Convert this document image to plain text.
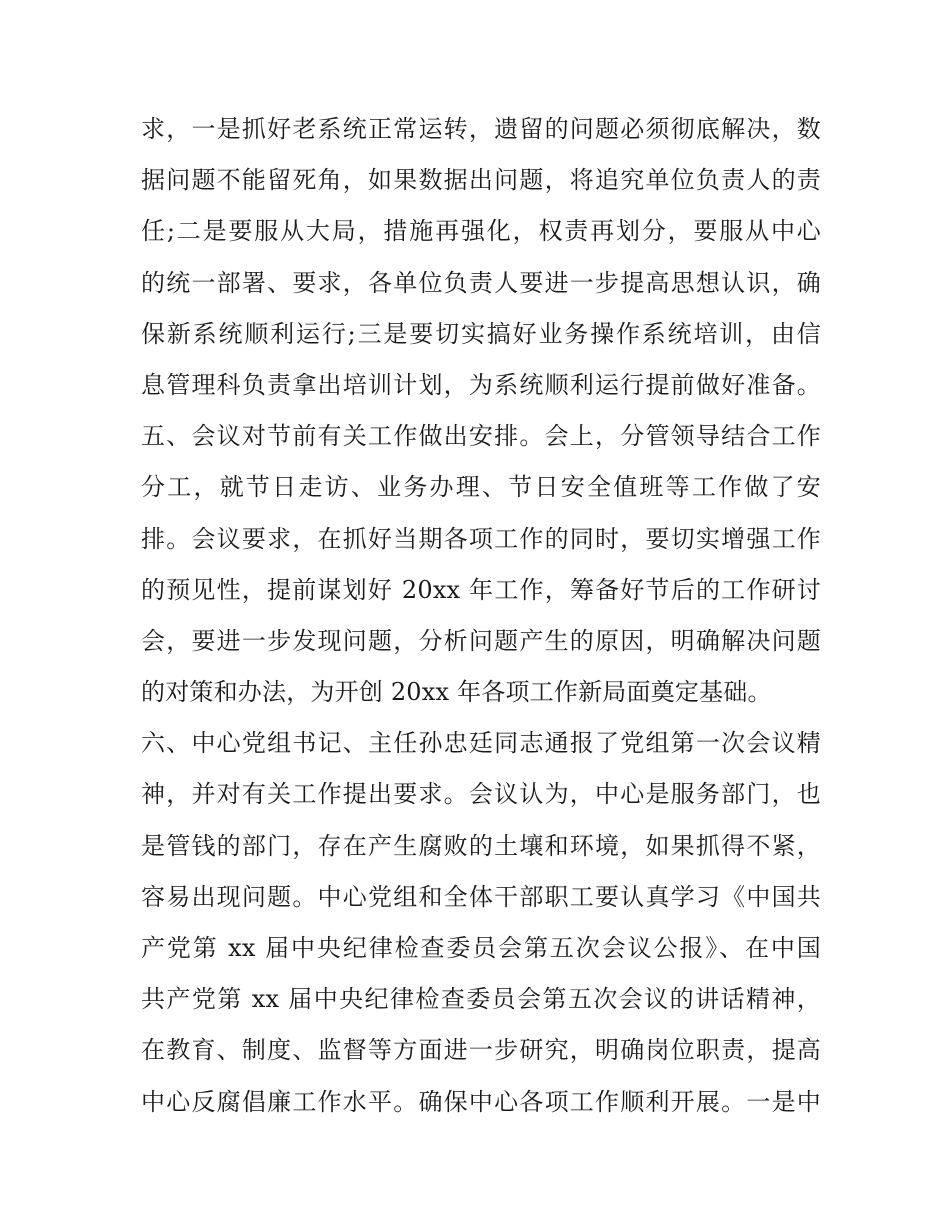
求，一是抓好老系统正常运转，遗留的问题必须彻底解决，数
据问题不能留死角，如果数据出问题，将追究单位负责人的责
任;二是要服从大局，措施再强化，权责再划分，要服从中心
的统一部署、要求，各单位负责人要进一步提高思想认识，确
保新系统顺利运行;三是要切实搞好业务操作系统培训，由信
息管理科负责拿出培训计划，为系统顺利运行提前做好准备。
五、会议对节前有关工作做出安排。会上，分管领导结合工作
分工，就节日走访、业务办理、节日安全值班等工作做了安
排。会议要求，在抓好当期各项工作的同时，要切实增强工作
的预见性，提前谋划好 20xx 年工作，筹备好节后的工作研讨
会，要进一步发现问题，分析问题产生的原因，明确解决问题
的对策和办法，为开创 20xx 年各项工作新局面奠定基础。
六、中心党组书记、主任孙忠廷同志通报了党组第一次会议精
神，并对有关工作提出要求。会议认为，中心是服务部门，也
是管钱的部门，存在产生腐败的土壤和环境，如果抓得不紧，
容易出现问题。中心党组和全体干部职工要认真学习《中国共
产党第 xx 届中央纪律检查委员会第五次会议公报》、在中国
共产党第 xx 届中央纪律检查委员会第五次会议的讲话精神，
在教育、制度、监督等方面进一步研究，明确岗位职责，提高
中心反腐倡廉工作水平。确保中心各项工作顺利开展。一是中
